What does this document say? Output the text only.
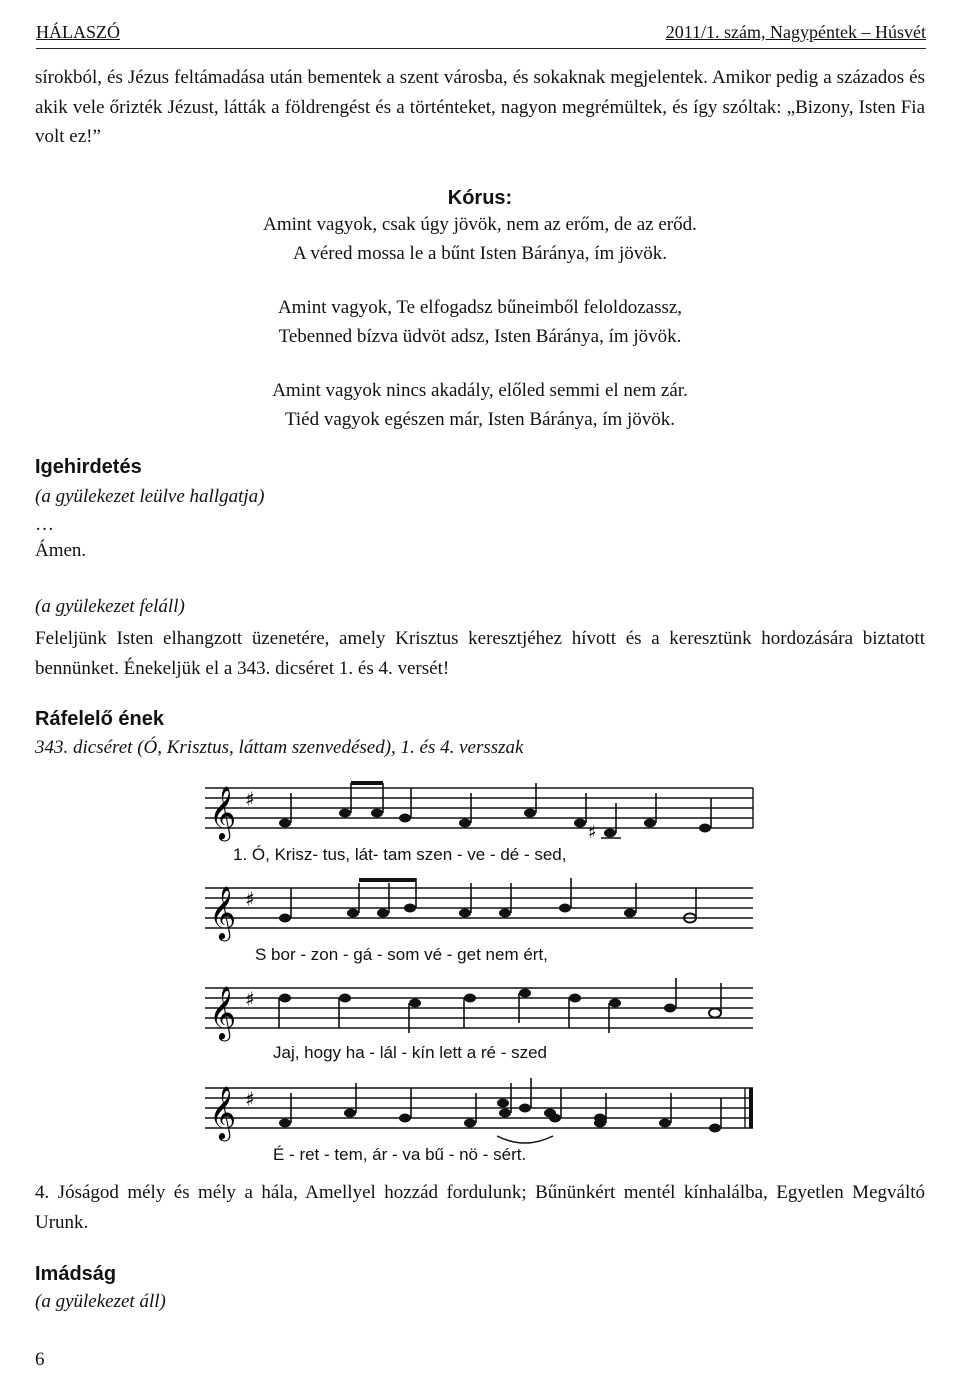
HÁLASZÓ	2011/1. szám, Nagypéntek – Húsvét
sírokból, és Jézus feltámadása után bementek a szent városba, és sokaknak megjelentek. Amikor pedig a százados és akik vele őrizték Jézust, látták a földrengést és a történteket, nagyon megrémültek, és így szóltak: „Bizony, Isten Fia volt ez!”
Kórus:
Amint vagyok, csak úgy jövök, nem az erőm, de az erőd.
A véred mossa le a bűnt Isten Báránya, ím jövök.
Amint vagyok, Te elfogadsz bűneimből feloldozassz,
Tebenned bízva üdvöt adsz, Isten Báránya, ím jövök.
Amint vagyok nincs akadály, előled semmi el nem zár.
Tiéd vagyok egészen már, Isten Báránya, ím jövök.
Igehirdetés
(a gyülekezet leülve hallgatja)
…
Ámen.
(a gyülekezet feláll)
Feleljünk Isten elhangzott üzenetére, amely Krisztus keresztjéhez hívott és a keresztünk hordozására biztatott bennünket. Énekeljük el a 343. dicséret 1. és 4. versét!
Ráfelelő ének
343. dicséret (Ó, Krisztus, láttam szenvedésed), 1. és 4. versszak
𝄞 ♯
♯
1. Ó, Krisz- tus, lát- tam szen - ve - dé - sed,
𝄞 ♯
S bor - zon - gá - som vé - get nem ért,
𝄞 ♯
Jaj, hogy ha - lál - kín lett a ré - szed
𝄞 ♯
É - ret - tem, ár - va bű - nö - sért.
4. Jóságod mély és mély a hála, Amellyel hozzád fordulunk; Bűnünkért mentél kínhalálba, Egyetlen Megváltó Urunk.
Imádság
(a gyülekezet áll)
6
